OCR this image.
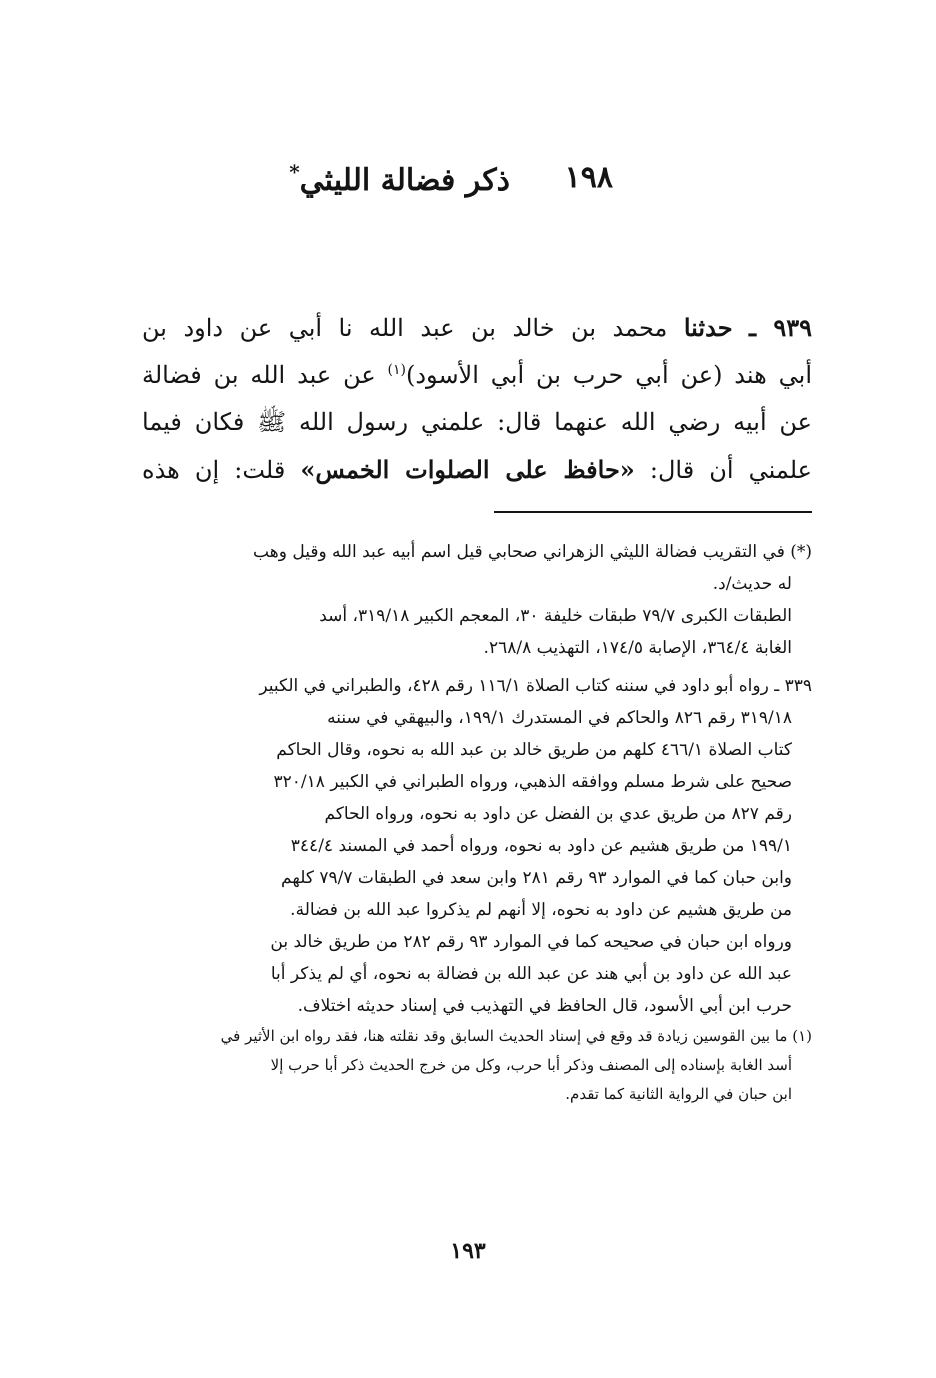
١٩٨
ذكر فضالة الليثي*
٩٣٩ ـ حدثنا محمد بن خالد بن عبد الله نا أبي عن داود بن
أبي هند (عن أبي حرب بن أبي الأسود)$^{(١)}$ عن عبد الله بن فضالة
عن أبيه رضي الله عنهما قال: علمني رسول الله ﷺ فكان فيما
علمني أن قال: «حافظ على الصلوات الخمس» قلت: إن هذه
(*) في التقريب فضالة الليثي الزهراني صحابي قيل اسم أبيه عبد الله وقيل وهب
له حديث/د.
الطبقات الكبرى ٧٩/٧ طبقات خليفة ٣٠، المعجم الكبير ٣١٩/١٨، أسد
الغابة ٣٦٤/٤، الإصابة ١٧٤/٥، التهذيب ٢٦٨/٨.
٣٣٩ ـ رواه أبو داود في سننه كتاب الصلاة ١١٦/١ رقم ٤٢٨، والطبراني في الكبير
٣١٩/١٨ رقم ٨٢٦ والحاكم في المستدرك ١٩٩/١، والبيهقي في سننه
كتاب الصلاة ٤٦٦/١ كلهم من طريق خالد بن عبد الله به نحوه، وقال الحاكم
صحيح على شرط مسلم ووافقه الذهبي، ورواه الطبراني في الكبير ٣٢٠/١٨
رقم ٨٢٧ من طريق عدي بن الفضل عن داود به نحوه، ورواه الحاكم
١٩٩/١ من طريق هشيم عن داود به نحوه، ورواه أحمد في المسند ٣٤٤/٤
وابن حبان كما في الموارد ٩٣ رقم ٢٨١ وابن سعد في الطبقات ٧٩/٧ كلهم
من طريق هشيم عن داود به نحوه، إلا أنهم لم يذكروا عبد الله بن فضالة.
ورواه ابن حبان في صحيحه كما في الموارد ٩٣ رقم ٢٨٢ من طريق خالد بن
عبد الله عن داود بن أبي هند عن عبد الله بن فضالة به نحوه، أي لم يذكر أبا
حرب ابن أبي الأسود، قال الحافظ في التهذيب في إسناد حديثه اختلاف.
(١) ما بين القوسين زيادة قد وقع في إسناد الحديث السابق وقد نقلته هنا، فقد رواه ابن الأثير في
أسد الغابة بإسناده إلى المصنف وذكر أبا حرب، وكل من خرج الحديث ذكر أبا حرب إلا
ابن حبان في الرواية الثانية كما تقدم.
١٩٣
